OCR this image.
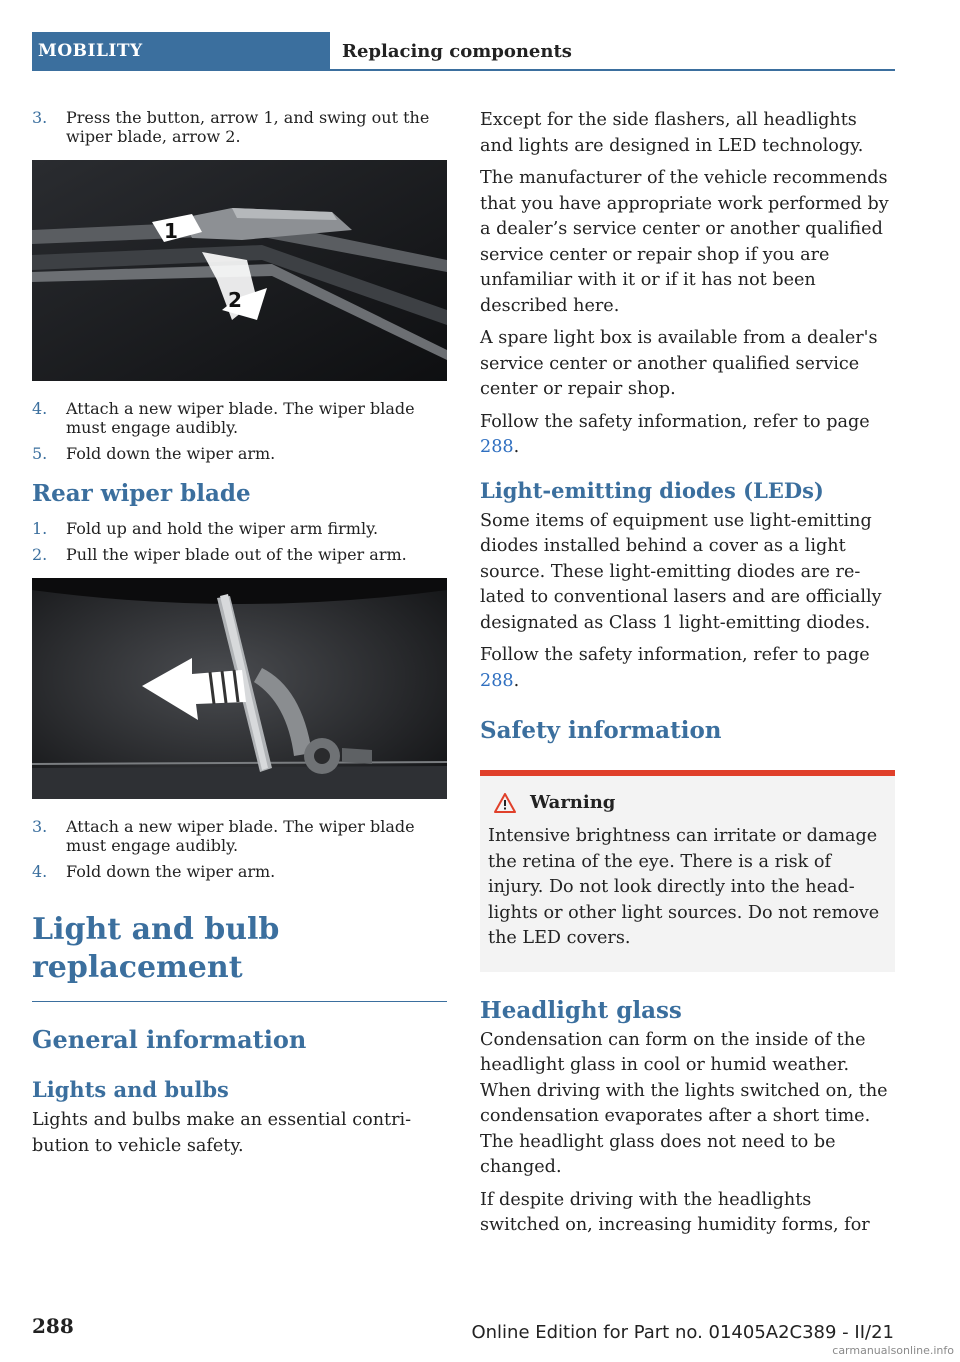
MOBILITY	Replacing components
3.	Press the button, arrow 1, and swing out the wiper blade, arrow 2.
1
2
4.	Attach a new wiper blade. The wiper blade must engage audibly.
5.	Fold down the wiper arm.
Rear wiper blade
1.	Fold up and hold the wiper arm firmly.
2.	Pull the wiper blade out of the wiper arm.
3.	Attach a new wiper blade. The wiper blade must engage audibly.
4.	Fold down the wiper arm.
Light and bulb replacement
General information
Lights and bulbs

Lights and bulbs make an essential contribution to vehicle safety.

Except for the side flashers, all headlights and lights are designed in LED technology.

The manufacturer of the vehicle recommends that you have appropriate work performed by a dealer’s service center or another qualified service center or repair shop if you are unfamiliar with it or if it has not been described here.

A spare light box is available from a dealer's service center or another qualified service center or repair shop.

Follow the safety information, refer to page 288.

Light-emitting diodes (LEDs)

Some items of equipment use light-emitting diodes installed behind a cover as a light source. These light-emitting diodes are related to conventional lasers and are officially designated as Class 1 light-emitting diodes.

Follow the safety information, refer to page 288.

Safety information
Warning

Intensive brightness can irritate or damage the retina of the eye. There is a risk of injury. Do not look directly into the headlights or other light sources. Do not remove the LED covers.

Headlight glass

Condensation can form on the inside of the headlight glass in cool or humid weather. When driving with the lights switched on, the condensation evaporates after a short time. The headlight glass does not need to be changed.

If despite driving with the headlights switched on, increasing humidity forms, for

288	Online Edition for Part no. 01405A2C389 - II/21
carmanualsonline.info
